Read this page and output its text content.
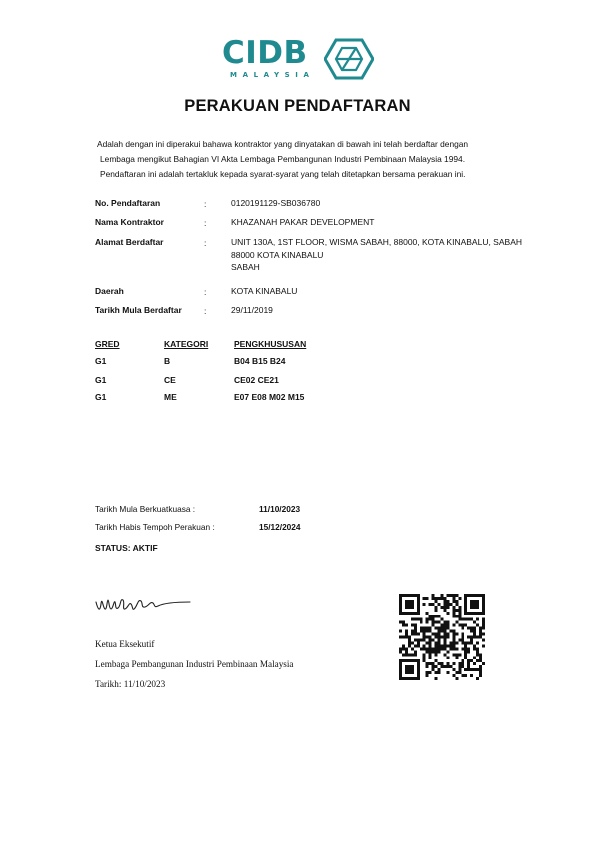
CIDB
MALAYSIA
PERAKUAN PENDAFTARAN
Adalah dengan ini diperakui bahawa kontraktor yang dinyatakan di bawah ini telah berdaftar dengan
Lembaga mengikut Bahagian VI Akta Lembaga Pembangunan Industri Pembinaan Malaysia 1994.
Pendaftaran ini adalah tertakluk kepada syarat-syarat yang telah ditetapkan bersama perakuan ini.
No. Pendaftaran	:	0120191129-SB036780
Nama Kontraktor	:	KHAZANAH PAKAR DEVELOPMENT
Alamat Berdaftar	:	UNIT 130A, 1ST FLOOR, WISMA SABAH, 88000, KOTA KINABALU, SABAH
88000 KOTA KINABALU
SABAH
Daerah	:	KOTA KINABALU
Tarikh Mula Berdaftar	:	29/11/2019
GRED	KATEGORI	PENGKHUSUSAN
G1	B	B04 B15 B24
G1	CE	CE02 CE21
G1	ME	E07 E08 M02 M15
Tarikh Mula Berkuatkuasa :	11/10/2023
Tarikh Habis Tempoh Perakuan :	15/12/2024
STATUS: AKTIF
Ketua Eksekutif
Lembaga Pembangunan Industri Pembinaan Malaysia
Tarikh: 11/10/2023
